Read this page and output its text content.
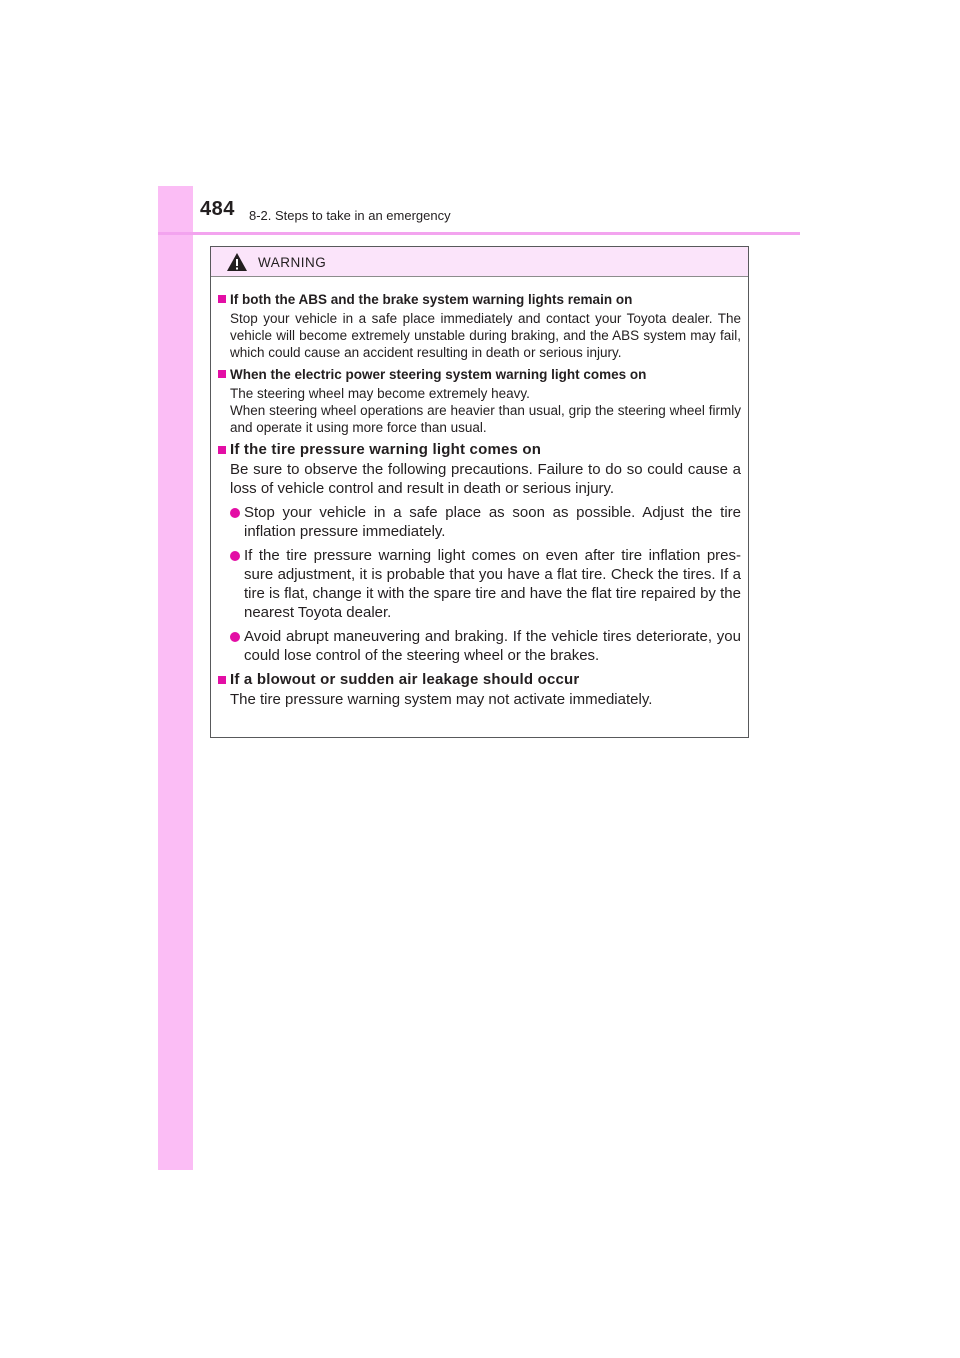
484 8-2. Steps to take in an emergency
WARNING
If both the ABS and the brake system warning lights remain on
Stop your vehicle in a safe place immediately and contact your Toyota dealer. The vehicle will become extremely unstable during braking, and the ABS system may fail, which could cause an accident resulting in death or serious injury.
When the electric power steering system warning light comes on
The steering wheel may become extremely heavy.
When steering wheel operations are heavier than usual, grip the steering wheel firmly and operate it using more force than usual.
If the tire pressure warning light comes on
Be sure to observe the following precautions. Failure to do so could cause a loss of vehicle control and result in death or serious injury.
Stop your vehicle in a safe place as soon as possible. Adjust the tire inflation pressure immediately.
If the tire pressure warning light comes on even after tire inflation pres-sure adjustment, it is probable that you have a flat tire. Check the tires. If a tire is flat, change it with the spare tire and have the flat tire repaired by the nearest Toyota dealer.
Avoid abrupt maneuvering and braking. If the vehicle tires deteriorate, you could lose control of the steering wheel or the brakes.
If a blowout or sudden air leakage should occur
The tire pressure warning system may not activate immediately.
